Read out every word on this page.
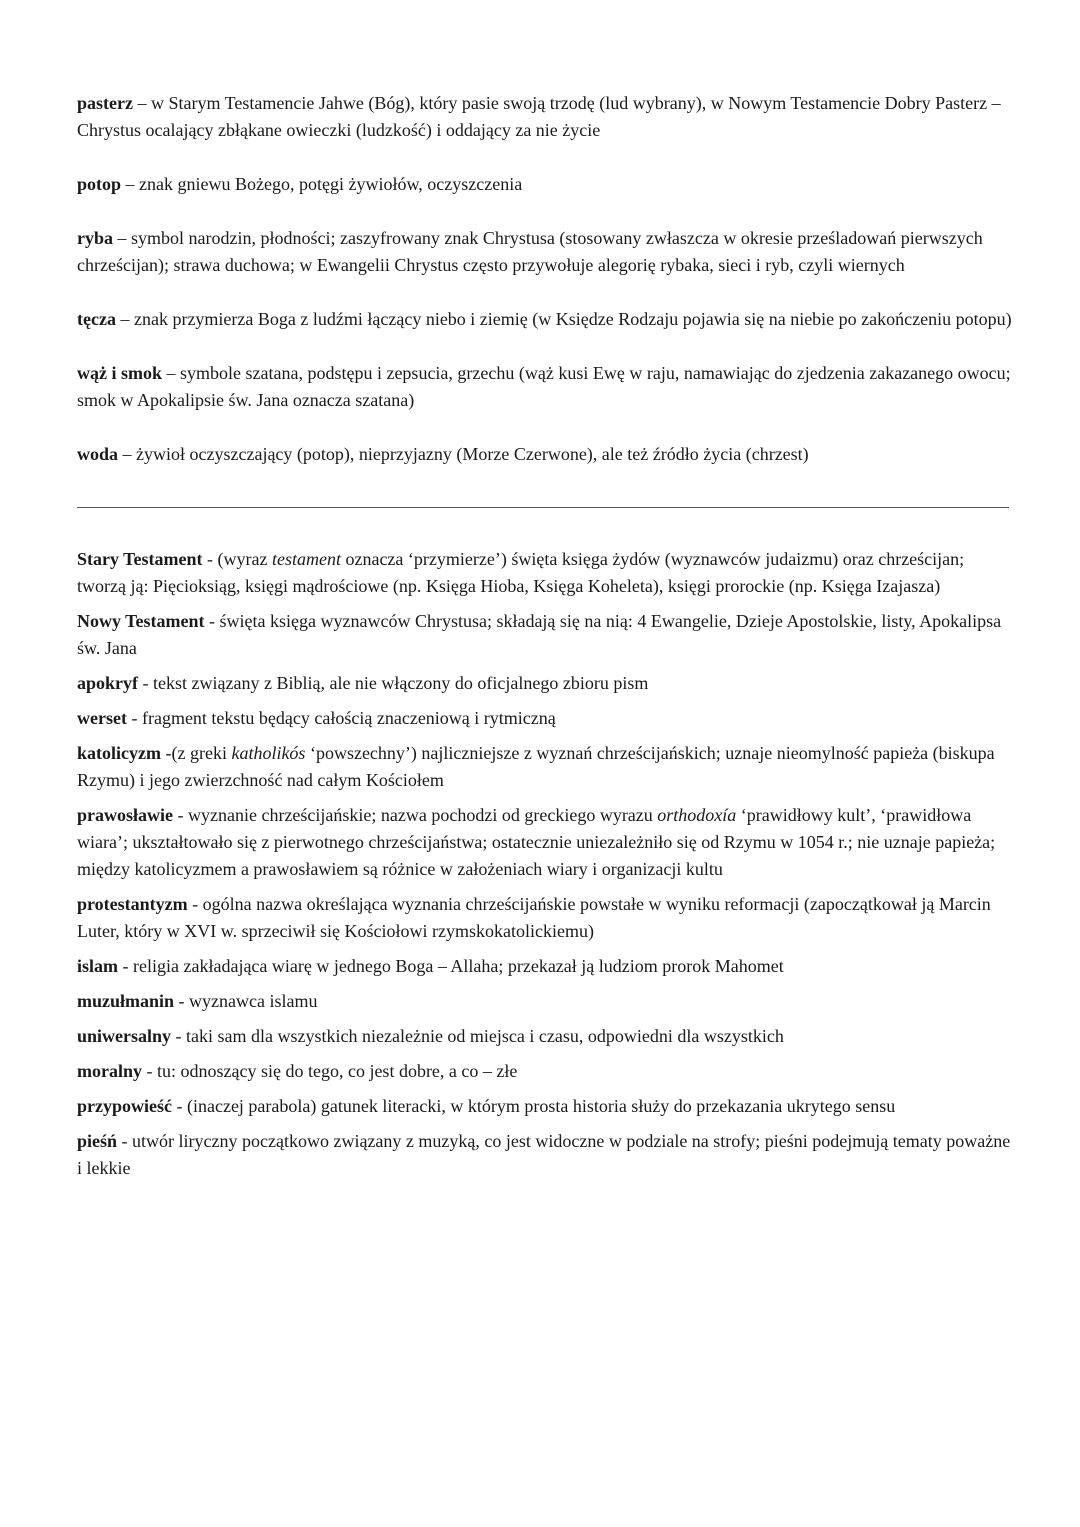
pasterz – w Starym Testamencie Jahwe (Bóg), który pasie swoją trzodę (lud wybrany), w Nowym Testamencie Dobry Pasterz – Chrystus ocalający zbłąkane owieczki (ludzkość) i oddający za nie życie

potop – znak gniewu Bożego, potęgi żywiołów, oczyszczenia

ryba – symbol narodzin, płodności; zaszyfrowany znak Chrystusa (stosowany zwłaszcza w okresie prześladowań pierwszych chrześcijan); strawa duchowa; w Ewangelii Chrystus często przywołuje alegorię rybaka, sieci i ryb, czyli wiernych

tęcza – znak przymierza Boga z ludźmi łączący niebo i ziemię (w Księdze Rodzaju pojawia się na niebie po zakończeniu potopu)

wąż i smok – symbole szatana, podstępu i zepsucia, grzechu (wąż kusi Ewę w raju, namawiając do zjedzenia zakazanego owocu; smok w Apokalipsie św. Jana oznacza szatana)

woda – żywioł oczyszczający (potop), nieprzyjazny (Morze Czerwone), ale też źródło życia (chrzest)

Stary Testament - (wyraz testament oznacza ‘przymierze’) święta księga żydów (wyznawców judaizmu) oraz chrześcijan; tworzą ją: Pięcioksiąg, księgi mądrościowe (np. Księga Hioba, Księga Koheleta), księgi prorockie (np. Księga Izajasza)

Nowy Testament - święta księga wyznawców Chrystusa; składają się na nią: 4 Ewangelie, Dzieje Apostolskie, listy, Apokalipsa św. Jana

apokryf - tekst związany z Biblią, ale nie włączony do oficjalnego zbioru pism

werset - fragment tekstu będący całością znaczeniową i rytmiczną

katolicyzm -(z greki katholikós ‘powszechny’) najliczniejsze z wyznań chrześcijańskich; uznaje nieomylność papieża (biskupa Rzymu) i jego zwierzchność nad całym Kościołem

prawosławie - wyznanie chrześcijańskie; nazwa pochodzi od greckiego wyrazu orthodoxía ‘prawidłowy kult’, ‘prawidłowa wiara’; ukształtowało się z pierwotnego chrześcijaństwa; ostatecznie uniezależniło się od Rzymu w 1054 r.; nie uznaje papieża; między katolicyzmem a prawosławiem są różnice w założeniach wiary i organizacji kultu

protestantyzm - ogólna nazwa określająca wyznania chrześcijańskie powstałe w wyniku reformacji (zapoczątkował ją Marcin Luter, który w XVI w. sprzeciwił się Kościołowi rzymskokatolickiemu)

islam - religia zakładająca wiarę w jednego Boga – Allaha; przekazał ją ludziom prorok Mahomet

muzułmanin - wyznawca islamu

uniwersalny - taki sam dla wszystkich niezależnie od miejsca i czasu, odpowiedni dla wszystkich

moralny - tu: odnoszący się do tego, co jest dobre, a co – złe

przypowieść - (inaczej parabola) gatunek literacki, w którym prosta historia służy do przekazania ukrytego sensu

pieśń - utwór liryczny początkowo związany z muzyką, co jest widoczne w podziale na strofy; pieśni podejmują tematy poważne i lekkie
